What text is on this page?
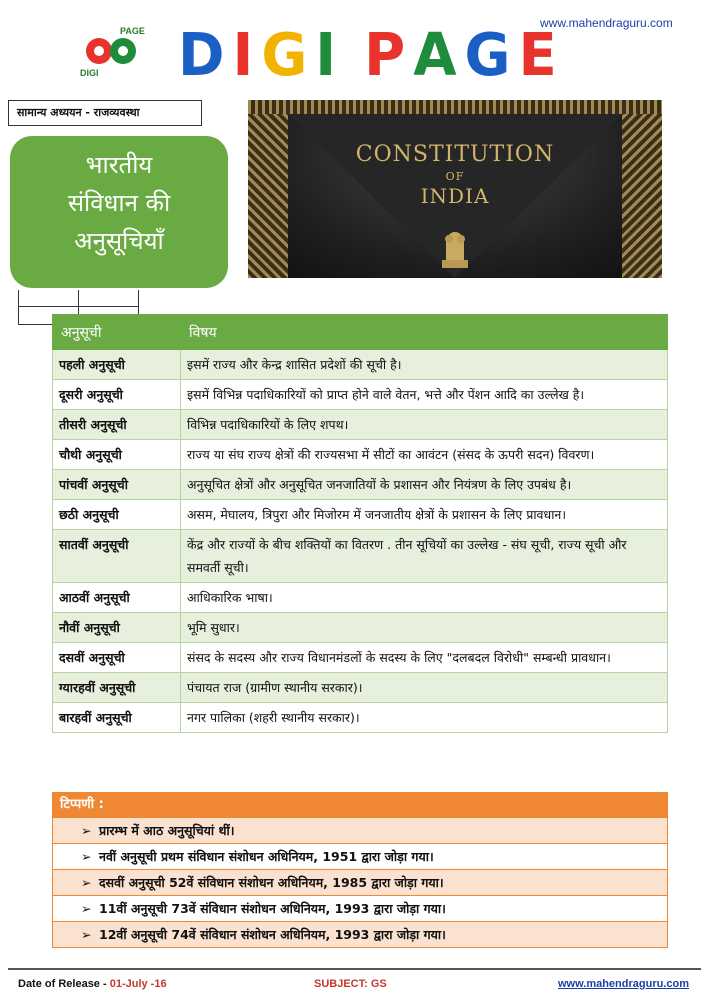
www.mahendraguru.com
PAGE
DIGI D I G I P A G E
सामान्य अध्ययन - राजव्यवस्था
भारतीय
संविधान की
अनुसूचियाँ
CONSTITUTION
OF
INDIA
अनुसूची	विषय
पहली अनुसूची	इसमें राज्य और केन्द्र शासित प्रदेशों की सूची है।
दूसरी अनुसूची	इसमें विभिन्न पदाधिकारियों को प्राप्त होने वाले वेतन, भत्ते और पेंशन आदि का उल्लेख है।
तीसरी अनुसूची	विभिन्न पदाधिकारियों के लिए शपथ।
चौथी अनुसूची	राज्य या संघ राज्य क्षेत्रों की राज्यसभा में सीटों का आवंटन (संसद के ऊपरी सदन) विवरण।
पांचवीं अनुसूची	अनुसूचित क्षेत्रों और अनुसूचित जनजातियों के प्रशासन और नियंत्रण के लिए उपबंध है।
छठी अनुसूची	असम, मेघालय, त्रिपुरा और मिजोरम में जनजातीय क्षेत्रों के प्रशासन के लिए प्रावधान।
सातवीं अनुसूची	केंद्र और राज्यों के बीच शक्तियों का वितरण . तीन सूचियों का उल्लेख - संघ सूची, राज्य सूची और समवर्ती सूची।
आठवीं अनुसूची	आधिकारिक भाषा।
नौवीं अनुसूची	भूमि सुधार।
दसवीं अनुसूची	संसद के सदस्य और राज्य विधानमंडलों के सदस्य के लिए "दलबदल विरोधी" सम्बन्धी प्रावधान।
ग्यारहवीं अनुसूची	पंचायत राज (ग्रामीण स्थानीय सरकार)।
बारहवीं अनुसूची	नगर पालिका (शहरी स्थानीय सरकार)।
टिप्पणी :
➢ प्रारम्भ में आठ अनुसूचियां थीं।
➢ नवीं अनुसूची प्रथम संविधान संशोधन अधिनियम, 1951 द्वारा जोड़ा गया।
➢ दसवीं अनुसूची 52वें संविधान संशोधन अधिनियम, 1985 द्वारा जोड़ा गया।
➢ 11वीं अनुसूची 73वें संविधान संशोधन अधिनियम, 1993 द्वारा जोड़ा गया।
➢ 12वीं अनुसूची 74वें संविधान संशोधन अधिनियम, 1993 द्वारा जोड़ा गया।
Date of Release - 01-July -16	SUBJECT: GS	www.mahendraguru.com
